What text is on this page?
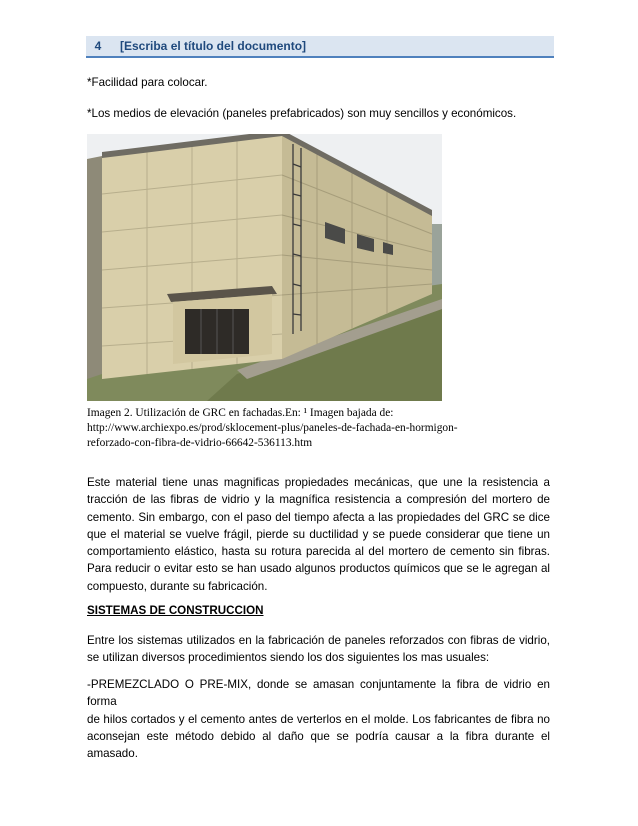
4	[Escriba el título del documento]
*Facilidad para colocar.
*Los medios de elevación (paneles prefabricados) son muy sencillos y económicos.
Imagen 2. Utilización de GRC en fachadas.En: ¹ Imagen bajada de:
http://www.archiexpo.es/prod/sklocement-plus/paneles-de-fachada-en-hormigon-
reforzado-con-fibra-de-vidrio-66642-536113.htm

Este material tiene unas magnificas propiedades mecánicas, que une la resistencia a

tracción de las fibras de vidrio y la magnífica resistencia a compresión del mortero de

cemento. Sin embargo, con el paso del tiempo afecta a las propiedades del GRC se dice

que el material se vuelve frágil, pierde su ductilidad y se puede considerar que tiene un

comportamiento elástico, hasta su rotura parecida al del mortero de cemento sin fibras.

Para reducir o evitar esto se han usado algunos productos químicos que se le agregan al

compuesto, durante su fabricación.

SISTEMAS DE CONSTRUCCION

Entre los sistemas utilizados en la fabricación de paneles reforzados con fibras de vidrio,

se utilizan diversos procedimientos siendo los dos siguientes los mas usuales:

-PREMEZCLADO O PRE-MIX, donde se amasan conjuntamente la fibra de vidrio en forma

de hilos cortados y el cemento antes de verterlos en el molde. Los fabricantes de fibra no

aconsejan este método debido al daño que se podría causar a la fibra durante el

amasado.
